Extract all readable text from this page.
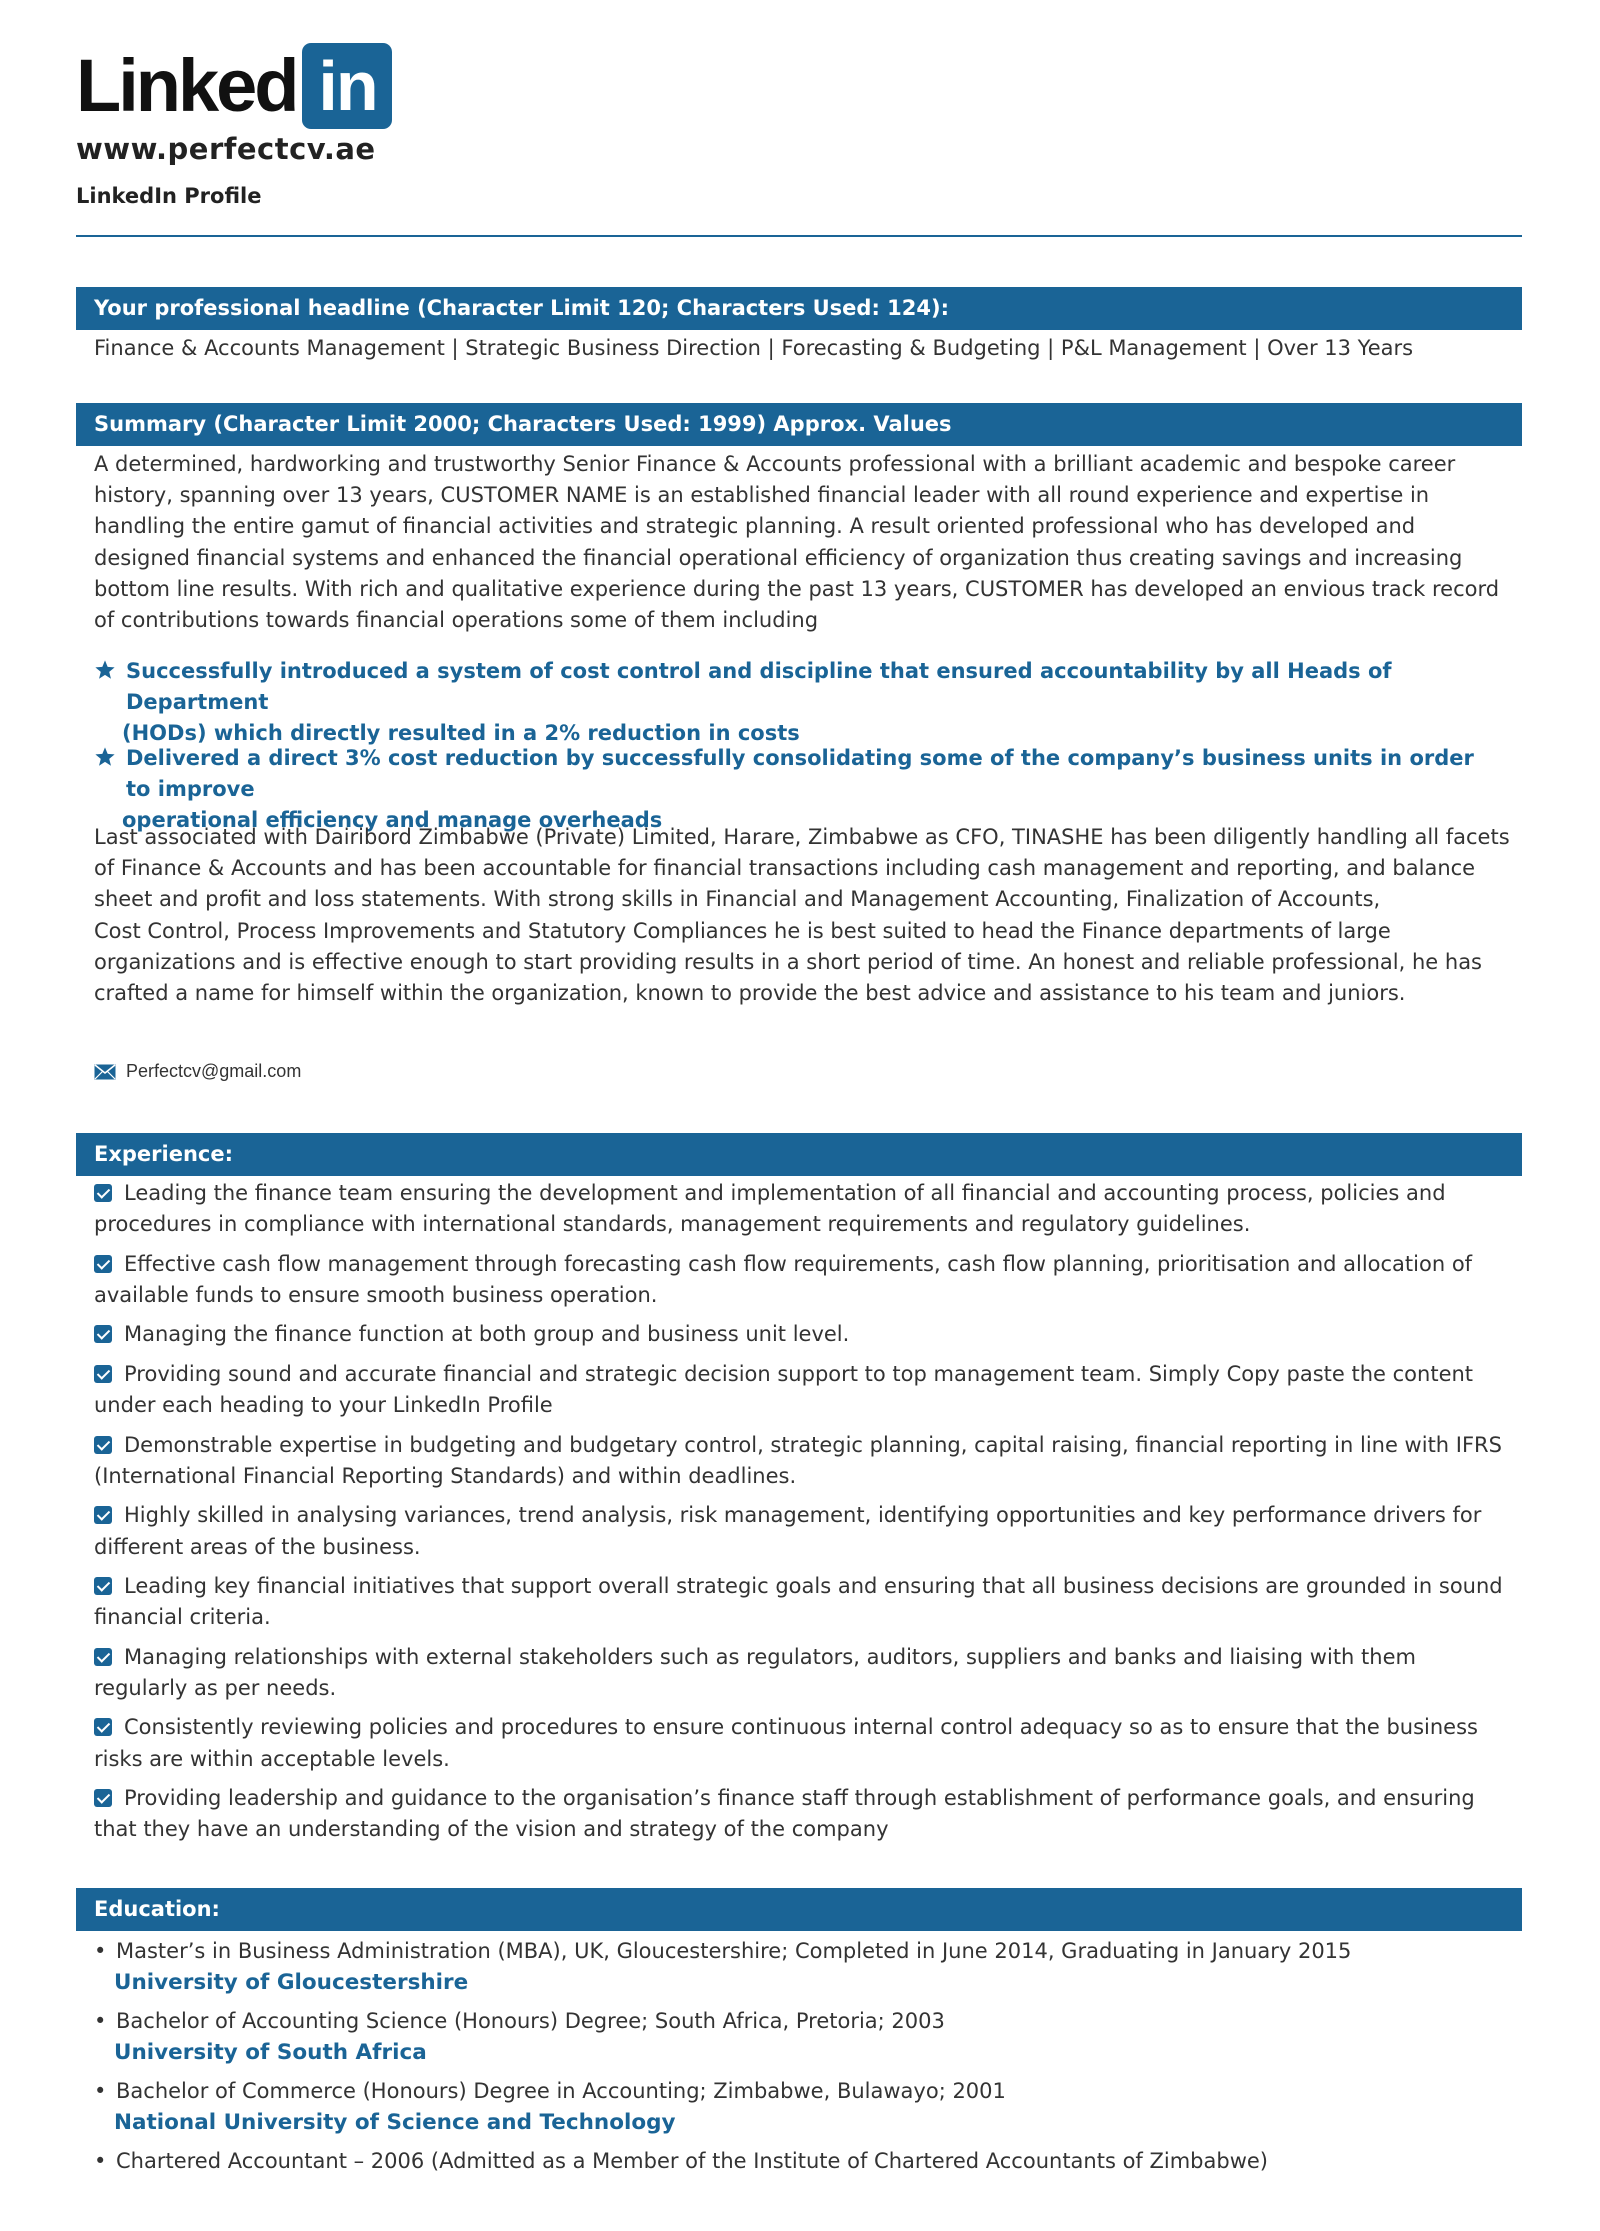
Linked in
www.perfectcv.ae
LinkedIn Profile
Your professional headline (Character Limit 120; Characters Used: 124):
Finance & Accounts Management | Strategic Business Direction | Forecasting & Budgeting | P&L Management | Over 13 Years
Summary (Character Limit 2000; Characters Used: 1999) Approx. Values
A determined, hardworking and trustworthy Senior Finance & Accounts professional with a brilliant academic and bespoke career history, spanning over 13 years, CUSTOMER NAME is an established financial leader with all round experience and expertise in handling the entire gamut of financial activities and strategic planning. A result oriented professional who has developed and designed financial systems and enhanced the financial operational efficiency of organization thus creating savings and increasing bottom line results. With rich and qualitative experience during the past 13 years, CUSTOMER has developed an envious track record of contributions towards financial operations some of them including
Successfully introduced a system of cost control and discipline that ensured accountability by all Heads of Department
(HODs) which directly resulted in a 2% reduction in costs
Delivered a direct 3% cost reduction by successfully consolidating some of the company’s business units in order to improve
operational efficiency and manage overheads

Last associated with Dairibord Zimbabwe (Private) Limited, Harare, Zimbabwe as CFO, TINASHE has been diligently handling all facets of Finance & Accounts and has been accountable for financial transactions including cash management and reporting, and balance sheet and profit and loss statements. With strong skills in Financial and Management Accounting, Finalization of Accounts,

Cost Control, Process Improvements and Statutory Compliances he is best suited to head the Finance departments of large organizations and is effective enough to start providing results in a short period of time. An honest and reliable professional, he has crafted a name for himself within the organization, known to provide the best advice and assistance to his team and juniors.

Perfectcv@gmail.com
Experience:
Leading the finance team ensuring the development and implementation of all financial and accounting process, policies and procedures in compliance with international standards, management requirements and regulatory guidelines.
Effective cash flow management through forecasting cash flow requirements, cash flow planning, prioritisation and allocation of available funds to ensure smooth business operation.
Managing the finance function at both group and business unit level.
Providing sound and accurate financial and strategic decision support to top management team. Simply Copy paste the content under each heading to your LinkedIn Profile
Demonstrable expertise in budgeting and budgetary control, strategic planning, capital raising, financial reporting in line with IFRS (International Financial Reporting Standards) and within deadlines.
Highly skilled in analysing variances, trend analysis, risk management, identifying opportunities and key performance drivers for different areas of the business.
Leading key financial initiatives that support overall strategic goals and ensuring that all business decisions are grounded in sound financial criteria.
Managing relationships with external stakeholders such as regulators, auditors, suppliers and banks and liaising with them regularly as per needs.
Consistently reviewing policies and procedures to ensure continuous internal control adequacy so as to ensure that the business risks are within acceptable levels.
Providing leadership and guidance to the organisation’s finance staff through establishment of performance goals, and ensuring that they have an understanding of the vision and strategy of the company
Education:
• Master’s in Business Administration (MBA), UK, Gloucestershire; Completed in June 2014, Graduating in January 2015
University of Gloucestershire
• Bachelor of Accounting Science (Honours) Degree; South Africa, Pretoria; 2003
University of South Africa
• Bachelor of Commerce (Honours) Degree in Accounting; Zimbabwe, Bulawayo; 2001
National University of Science and Technology
• Chartered Accountant – 2006 (Admitted as a Member of the Institute of Chartered Accountants of Zimbabwe)
